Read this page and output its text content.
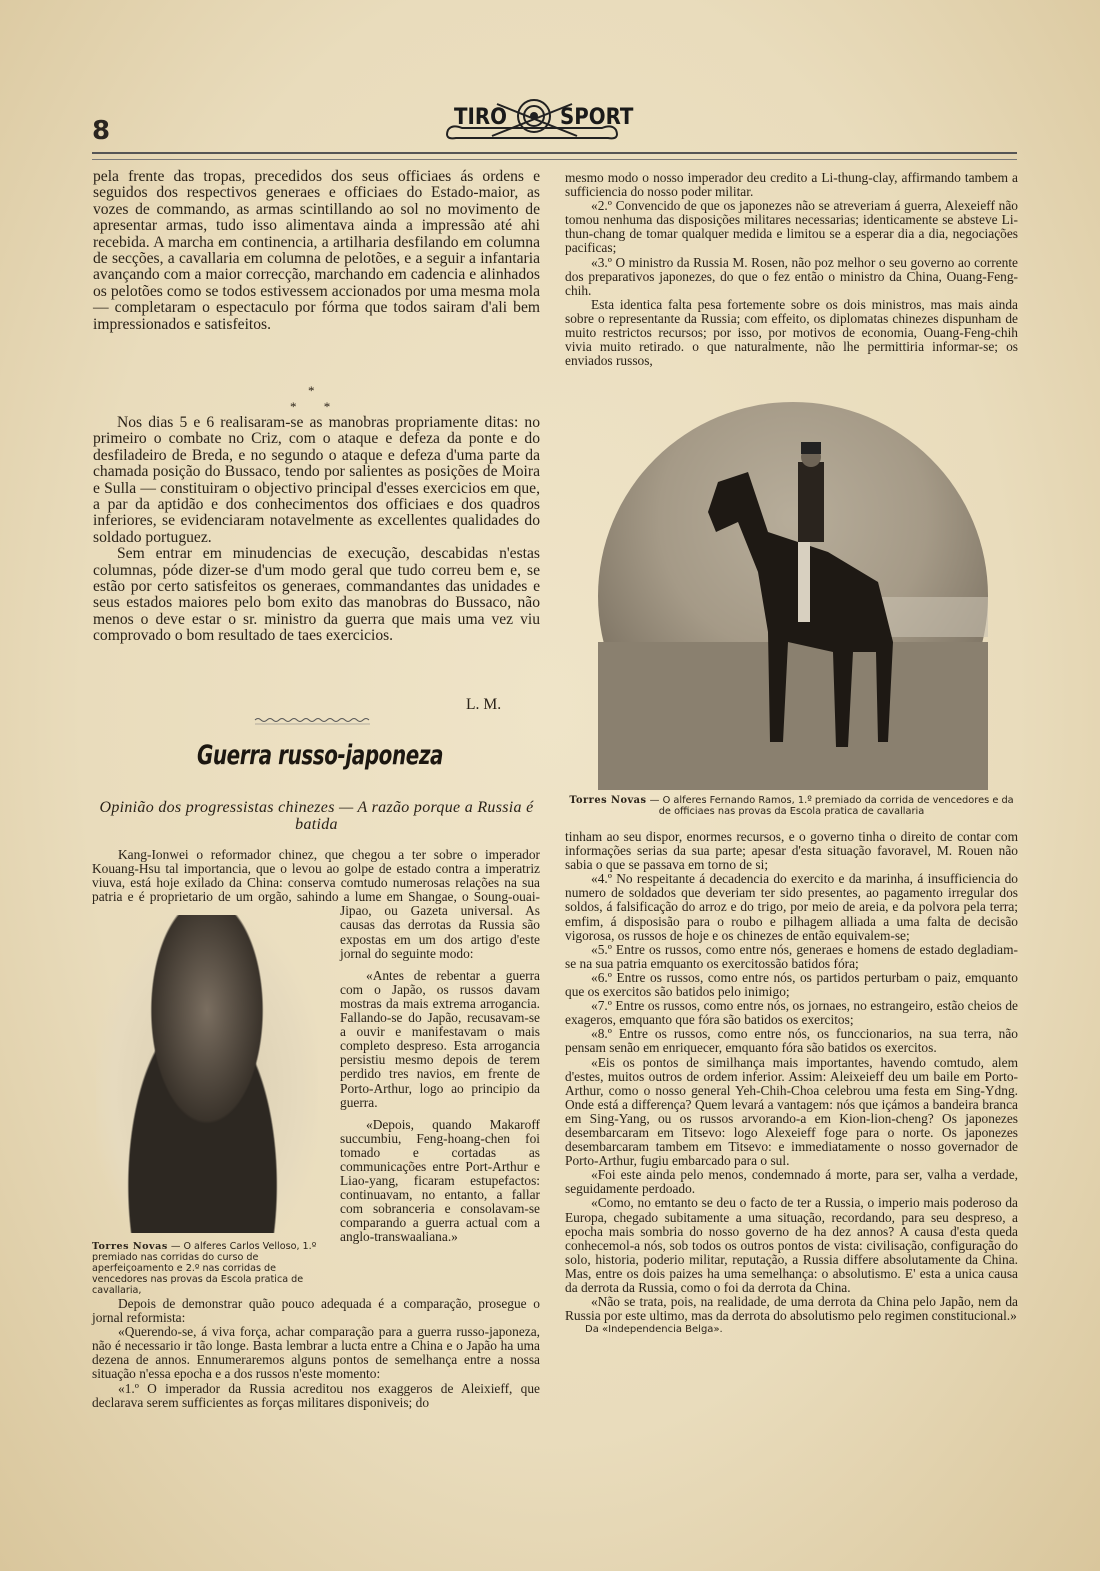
8	TIRO SPORT

pela frente das tropas, precedidos dos seus officiaes ás ordens e seguidos dos respectivos generaes e officiaes do Estado-maior, as vozes de commando, as armas scintillando ao sol no movimento de apresentar armas, tudo isso alimentava ainda a impressão até ahi recebida. A marcha em continencia, a artilharia desfilando em columna de secções, a cavallaria em columna de pelotões, e a seguir a infantaria avançando com a maior correcção, marchando em cadencia e alinhados os pelotões como se todos estivessem accionados por uma mesma mola — completaram o espectaculo por fórma que todos sairam d'ali bem impressionados e satisfeitos.

*
* *

Nos dias 5 e 6 realisaram-se as manobras propriamente ditas: no primeiro o combate no Criz, com o ataque e defeza da ponte e do desfiladeiro de Breda, e no segundo o ataque e defeza d'uma parte da chamada posição do Bussaco, tendo por salientes as posições de Moira e Sulla — constituiram o objectivo principal d'esses exercicios em que, a par da aptidão e dos conhecimentos dos officiaes e dos quadros inferiores, se evidenciaram notavelmente as excellentes qualidades do soldado portuguez.

Sem entrar em minudencias de execução, descabidas n'estas columnas, póde dizer-se d'um modo geral que tudo correu bem e, se estão por certo satisfeitos os generaes, commandantes das unidades e seus estados maiores pelo bom exito das manobras do Bussaco, não menos o deve estar o sr. ministro da guerra que mais uma vez viu comprovado o bom resultado de taes exercicios.

L. M.
Guerra russo-japoneza
Opinião dos progressistas chinezes — A razão porque a Russia é batida
Torres Novas — O alferes Carlos Velloso, 1.º premiado nas corridas do curso de aperfeiçoamento e 2.º nas corridas de vencedores nas provas da Escola pratica de cavallaria,

Kang-Ionwei o reformador chinez, que chegou a ter sobre o imperador Kouang-Hsu tal importancia, que o levou ao golpe de estado contra a imperatriz viuva, está hoje exilado da China: conserva comtudo numerosas relações na sua patria e é proprietario de um orgão, sahindo a lume em Shangae, o Soung-ouai-Jipao, ou Gazeta universal. As causas das derrotas da Russia são expostas em um dos artigo d'este jornal do seguinte modo:

«Antes de rebentar a guerra com o Japão, os russos davam mostras da mais extrema arrogancia. Fallando-se do Japão, recusavam-se a ouvir e manifestavam o mais completo despreso. Esta arrogancia persistiu mesmo depois de terem perdido tres navios, em frente de Porto-Arthur, logo ao principio da guerra.

«Depois, quando Makaroff succumbiu, Feng-hoang-chen foi tomado e cortadas as communicações entre Port-Arthur e Liao-yang, ficaram estupefactos: continuavam, no entanto, a fallar com sobranceria e consolavam-se comparando a guerra actual com a anglo-transwaaliana.»

Depois de demonstrar quão pouco adequada é a comparação, prosegue o jornal reformista:

«Querendo-se, á viva força, achar comparação para a guerra russo-japoneza, não é necessario ir tão longe. Basta lembrar a lucta entre a China e o Japão ha uma dezena de annos. Ennumeraremos alguns pontos de semelhança entre a nossa situação n'essa epocha e a dos russos n'este momento:

«1.º O imperador da Russia acreditou nos exaggeros de Aleixieff, que declarava serem sufficientes as forças militares disponiveis; do

mesmo modo o nosso imperador deu credito a Li-thung-clay, affirmando tambem a sufficiencia do nosso poder militar.

«2.º Convencido de que os japonezes não se atreveriam á guerra, Alexeieff não tomou nenhuma das disposições militares necessarias; identicamente se absteve Li-thun-chang de tomar qualquer medida e limitou se a esperar dia a dia, negociações pacificas;

«3.º O ministro da Russia M. Rosen, não poz melhor o seu governo ao corrente dos preparativos japonezes, do que o fez então o ministro da China, Ouang-Feng-chih.

Esta identica falta pesa fortemente sobre os dois ministros, mas mais ainda sobre o representante da Russia; com effeito, os diplomatas chinezes dispunham de muito restrictos recursos; por isso, por motivos de economia, Ouang-Feng-chih vivia muito retirado. o que naturalmente, não lhe permittiria informar-se; os enviados russos,

Torres Novas — O alferes Fernando Ramos, 1.º premiado da corrida de vencedores e da de officiaes nas provas da Escola pratica de cavallaria

tinham ao seu dispor, enormes recursos, e o governo tinha o direito de contar com informações serias da sua parte; apesar d'esta situação favoravel, M. Rouen não sabia o que se passava em torno de si;

«4.º No respeitante á decadencia do exercito e da marinha, á insufficiencia do numero de soldados que deveriam ter sido presentes, ao pagamento irregular dos soldos, á falsificação do arroz e do trigo, por meio de areia, e da polvora pela terra; emfim, á disposisão para o roubo e pilhagem alliada a uma falta de decisão vigorosa, os russos de hoje e os chinezes de então equivalem-se;

«5.º Entre os russos, como entre nós, generaes e homens de estado degladiam-se na sua patria emquanto os exercitossão batidos fóra;

«6.º Entre os russos, como entre nós, os partidos perturbam o paiz, emquanto que os exercitos são batidos pelo inimigo;

«7.º Entre os russos, como entre nós, os jornaes, no estrangeiro, estão cheios de exageros, emquanto que fóra são batidos os exercitos;

«8.º Entre os russos, como entre nós, os funccionarios, na sua terra, não pensam senão em enriquecer, emquanto fóra são batidos os exercitos.

«Eis os pontos de similhança mais importantes, havendo comtudo, alem d'estes, muitos outros de ordem inferior. Assim: Aleixeieff deu um baile em Porto-Arthur, como o nosso general Yeh-Chih-Choa celebrou uma festa em Sing-Ydng. Onde está a differença? Quem levará a vantagem: nós que içámos a bandeira branca em Sing-Yang, ou os russos arvorando-a em Kion-lion-cheng? Os japonezes desembarcaram em Titsevo: logo Alexeieff foge para o norte. Os japonezes desembarcaram tambem em Titsevo: e immediatamente o nosso governador de Porto-Arthur, fugiu embarcado para o sul.

«Foi este ainda pelo menos, condemnado á morte, para ser, valha a verdade, seguidamente perdoado.

«Como, no emtanto se deu o facto de ter a Russia, o imperio mais poderoso da Europa, chegado subitamente a uma situação, recordando, para seu despreso, a epocha mais sombria do nosso governo de ha dez annos? A causa d'esta queda conhecemol-a nós, sob todos os outros pontos de vista: civilisação, configuração do solo, historia, poderio militar, reputação, a Russia differe absolutamente da China. Mas, entre os dois paizes ha uma semelhança: o absolutismo. E' esta a unica causa da derrota da Russia, como o foi da derrota da China.

«Não se trata, pois, na realidade, de uma derrota da China pelo Japão, nem da Russia por este ultimo, mas da derrota do absolutismo pelo regimen constitucional.»

Da «Independencia Belga».
